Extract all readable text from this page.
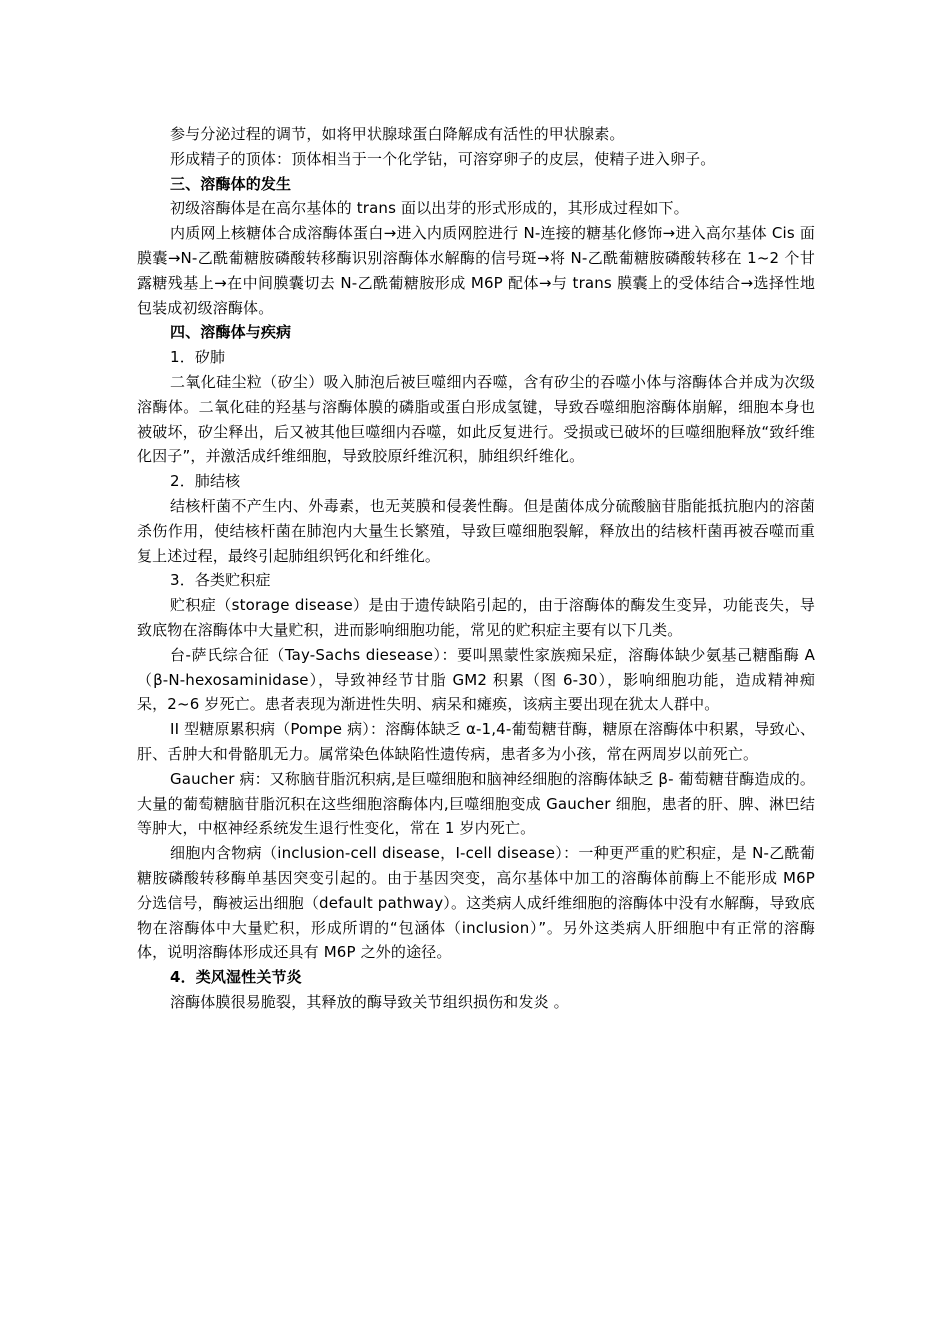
参与分泌过程的调节，如将甲状腺球蛋白降解成有活性的甲状腺素。

形成精子的顶体：顶体相当于一个化学钻，可溶穿卵子的皮层，使精子进入卵子。

三、溶酶体的发生

初级溶酶体是在高尔基体的 trans 面以出芽的形式形成的，其形成过程如下。

内质网上核糖体合成溶酶体蛋白→进入内质网腔进行 N-连接的糖基化修饰→进入高尔基体 Cis 面膜囊→N-乙酰葡糖胺磷酸转移酶识别溶酶体水解酶的信号斑→将 N-乙酰葡糖胺磷酸转移在 1~2 个甘露糖残基上→在中间膜囊切去 N-乙酰葡糖胺形成 M6P 配体→与 trans 膜囊上的受体结合→选择性地包装成初级溶酶体。

四、溶酶体与疾病

1．矽肺

二氧化硅尘粒（矽尘）吸入肺泡后被巨噬细内吞噬，含有矽尘的吞噬小体与溶酶体合并成为次级溶酶体。二氧化硅的羟基与溶酶体膜的磷脂或蛋白形成氢键，导致吞噬细胞溶酶体崩解，细胞本身也被破坏，矽尘释出，后又被其他巨噬细内吞噬，如此反复进行。受损或已破坏的巨噬细胞释放“致纤维化因子”，并激活成纤维细胞，导致胶原纤维沉积，肺组织纤维化。

2．肺结核

结核杆菌不产生内、外毒素，也无荚膜和侵袭性酶。但是菌体成分硫酸脑苷脂能抵抗胞内的溶菌杀伤作用，使结核杆菌在肺泡内大量生长繁殖，导致巨噬细胞裂解，释放出的结核杆菌再被吞噬而重复上述过程，最终引起肺组织钙化和纤维化。

3．各类贮积症

贮积症（storage disease）是由于遗传缺陷引起的，由于溶酶体的酶发生变异，功能丧失，导致底物在溶酶体中大量贮积，进而影响细胞功能，常见的贮积症主要有以下几类。

台-萨氏综合征（Tay-Sachs diesease）：要叫黑蒙性家族痴呆症，溶酶体缺少氨基己糖酯酶 A（β-N-hexosaminidase），导致神经节甘脂 GM2 积累（图 6-30），影响细胞功能，造成精神痴呆，2~6 岁死亡。患者表现为渐进性失明、病呆和瘫痪，该病主要出现在犹太人群中。

II 型糖原累积病（Pompe 病）：溶酶体缺乏 α-1,4-葡萄糖苷酶，糖原在溶酶体中积累，导致心、肝、舌肿大和骨骼肌无力。属常染色体缺陷性遗传病，患者多为小孩，常在两周岁以前死亡。

Gaucher 病：又称脑苷脂沉积病,是巨噬细胞和脑神经细胞的溶酶体缺乏 β- 葡萄糖苷酶造成的。大量的葡萄糖脑苷脂沉积在这些细胞溶酶体内,巨噬细胞变成 Gaucher 细胞，患者的肝、脾、淋巴结等肿大，中枢神经系统发生退行性变化，常在 1 岁内死亡。

细胞内含物病（inclusion-cell disease，I-cell disease）：一种更严重的贮积症，是 N-乙酰葡糖胺磷酸转移酶单基因突变引起的。由于基因突变，高尔基体中加工的溶酶体前酶上不能形成 M6P 分选信号，酶被运出细胞（default pathway）。这类病人成纤维细胞的溶酶体中没有水解酶，导致底物在溶酶体中大量贮积，形成所谓的“包涵体（inclusion）”。另外这类病人肝细胞中有正常的溶酶体，说明溶酶体形成还具有 M6P 之外的途径。

4．类风湿性关节炎

溶酶体膜很易脆裂，其释放的酶导致关节组织损伤和发炎 。
